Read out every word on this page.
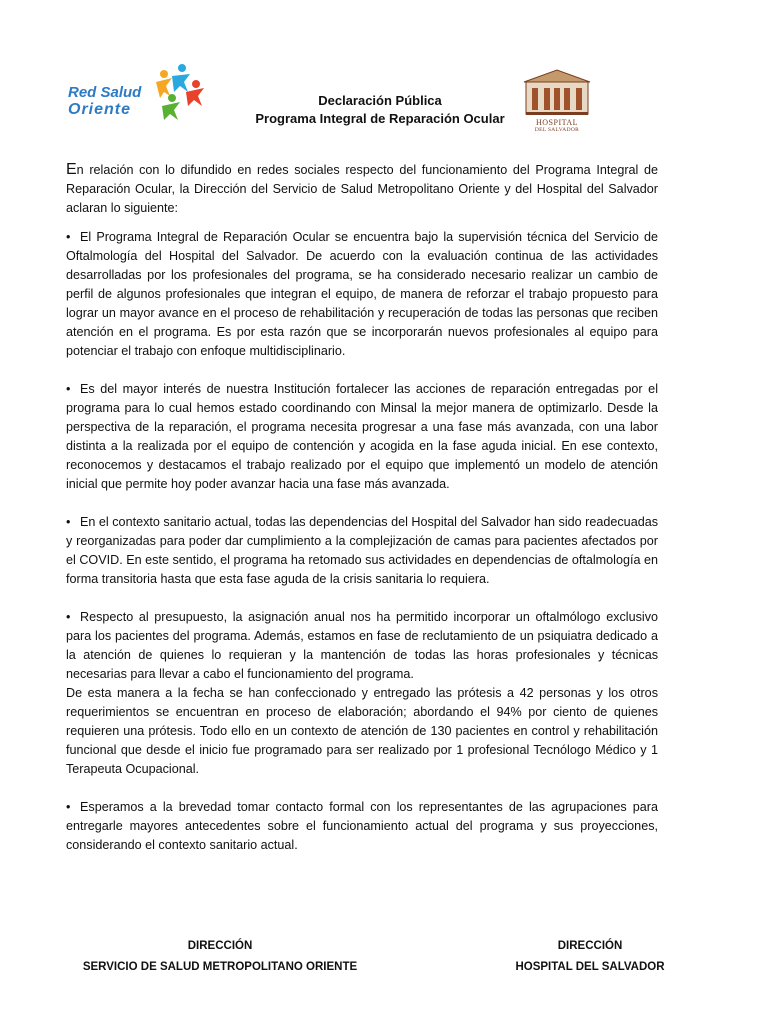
Red Salud
Oriente
Declaración Pública
Programa Integral de Reparación Ocular	HOSPITAL
DEL SALVADOR

En relación con lo difundido en redes sociales respecto del funcionamiento del Programa Integral de Reparación Ocular, la Dirección del Servicio de Salud Metropolitano Oriente y del Hospital del Salvador aclaran lo siguiente:

• El Programa Integral de Reparación Ocular se encuentra bajo la supervisión técnica del Servicio de Oftalmología del Hospital del Salvador. De acuerdo con la evaluación continua de las actividades desarrolladas por los profesionales del programa, se ha considerado necesario realizar un cambio de perfil de algunos profesionales que integran el equipo, de manera de reforzar el trabajo propuesto para lograr un mayor avance en el proceso de rehabilitación y recuperación de todas las personas que reciben atención en el programa. Es por esta razón que se incorporarán nuevos profesionales al equipo para potenciar el trabajo con enfoque multidisciplinario.

• Es del mayor interés de nuestra Institución fortalecer las acciones de reparación entregadas por el programa para lo cual hemos estado coordinando con Minsal la mejor manera de optimizarlo. Desde la perspectiva de la reparación, el programa necesita progresar a una fase más avanzada, con una labor distinta a la realizada por el equipo de contención y acogida en la fase aguda inicial. En ese contexto, reconocemos y destacamos el trabajo realizado por el equipo que implementó un modelo de atención inicial que permite hoy poder avanzar hacia una fase más avanzada.

• En el contexto sanitario actual, todas las dependencias del Hospital del Salvador han sido readecuadas y reorganizadas para poder dar cumplimiento a la complejización de camas para pacientes afectados por el COVID. En este sentido, el programa ha retomado sus actividades en dependencias de oftalmología en forma transitoria hasta que esta fase aguda de la crisis sanitaria lo requiera.

• Respecto al presupuesto, la asignación anual nos ha permitido incorporar un oftalmólogo exclusivo para los pacientes del programa. Además, estamos en fase de reclutamiento de un psiquiatra dedicado a la atención de quienes lo requieran y la mantención de todas las horas profesionales y técnicas necesarias para llevar a cabo el funcionamiento del programa.

De esta manera a la fecha se han confeccionado y entregado las prótesis a 42 personas y los otros requerimientos se encuentran en proceso de elaboración; abordando el 94% por ciento de quienes requieren una prótesis. Todo ello en un contexto de atención de 130 pacientes en control y rehabilitación funcional que desde el inicio fue programado para ser realizado por 1 profesional Tecnólogo Médico y 1 Terapeuta Ocupacional.

• Esperamos a la brevedad tomar contacto formal con los representantes de las agrupaciones para entregarle mayores antecedentes sobre el funcionamiento actual del programa y sus proyecciones, considerando el contexto sanitario actual.

DIRECCIÓN
SERVICIO DE SALUD METROPOLITANO ORIENTE
DIRECCIÓN
HOSPITAL DEL SALVADOR
